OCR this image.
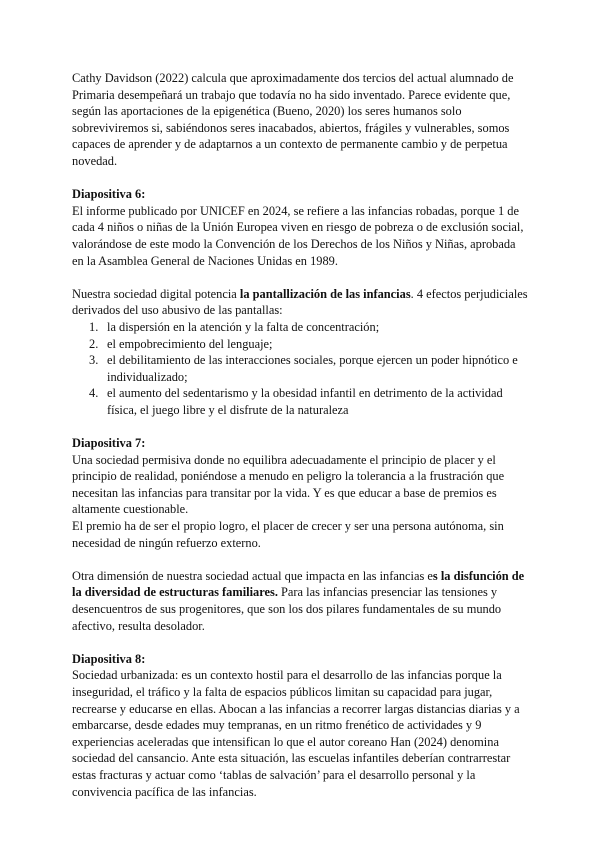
Cathy Davidson (2022) calcula que aproximadamente dos tercios del actual alumnado de Primaria desempeñará un trabajo que todavía no ha sido inventado. Parece evidente que, según las aportaciones de la epigenética (Bueno, 2020) los seres humanos solo sobreviviremos si, sabiéndonos seres inacabados, abiertos, frágiles y vulnerables, somos capaces de aprender y de adaptarnos a un contexto de permanente cambio y de perpetua novedad.

Diapositiva 6:

El informe publicado por UNICEF en 2024, se refiere a las infancias robadas, porque 1 de cada 4 niños o niñas de la Unión Europea viven en riesgo de pobreza o de exclusión social, valorándose de este modo la Convención de los Derechos de los Niños y Niñas, aprobada en la Asamblea General de Naciones Unidas en 1989.

Nuestra sociedad digital potencia la pantallización de las infancias. 4 efectos perjudiciales derivados del uso abusivo de las pantallas:

1. la dispersión en la atención y la falta de concentración;
2. el empobrecimiento del lenguaje;
3. el debilitamiento de las interacciones sociales, porque ejercen un poder hipnótico e individualizado;
4. el aumento del sedentarismo y la obesidad infantil en detrimento de la actividad física, el juego libre y el disfrute de la naturaleza

Diapositiva 7:

Una sociedad permisiva donde no equilibra adecuadamente el principio de placer y el principio de realidad, poniéndose a menudo en peligro la tolerancia a la frustración que necesitan las infancias para transitar por la vida. Y es que educar a base de premios es altamente cuestionable.

El premio ha de ser el propio logro, el placer de crecer y ser una persona autónoma, sin necesidad de ningún refuerzo externo.

Otra dimensión de nuestra sociedad actual que impacta en las infancias es la disfunción de la diversidad de estructuras familiares. Para las infancias presenciar las tensiones y desencuentros de sus progenitores, que son los dos pilares fundamentales de su mundo afectivo, resulta desolador.

Diapositiva 8:

Sociedad urbanizada: es un contexto hostil para el desarrollo de las infancias porque la inseguridad, el tráfico y la falta de espacios públicos limitan su capacidad para jugar, recrearse y educarse en ellas. Abocan a las infancias a recorrer largas distancias diarias y a embarcarse, desde edades muy tempranas, en un ritmo frenético de actividades y 9 experiencias aceleradas que intensifican lo que el autor coreano Han (2024) denomina sociedad del cansancio. Ante esta situación, las escuelas infantiles deberían contrarrestar estas fracturas y actuar como ‘tablas de salvación’ para el desarrollo personal y la convivencia pacífica de las infancias.
